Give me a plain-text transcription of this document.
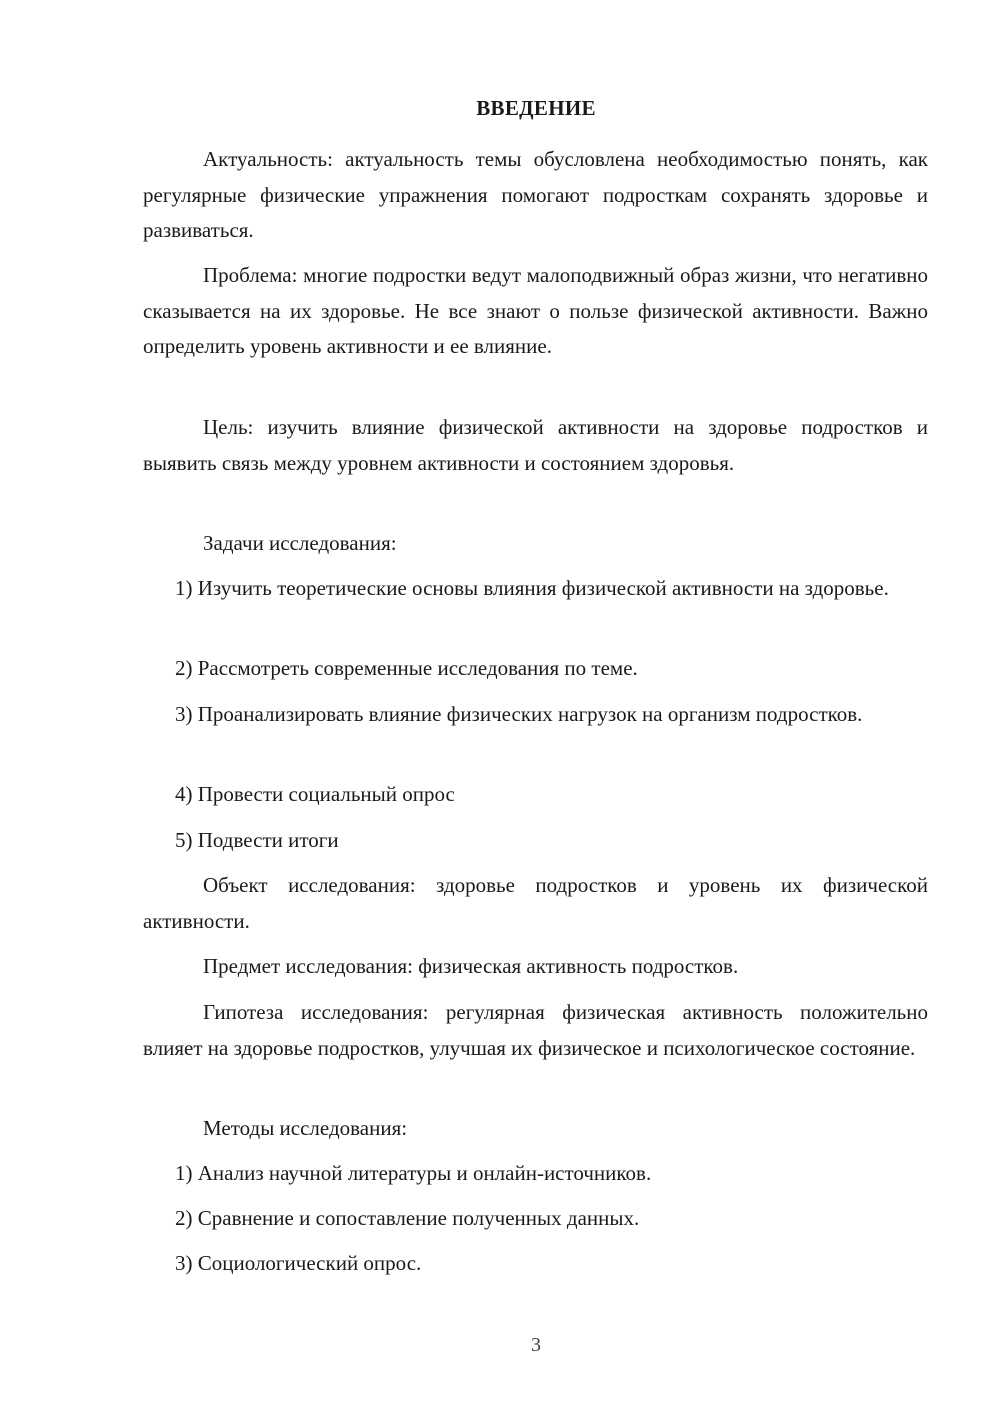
ВВЕДЕНИЕ
Актуальность: актуальность темы обусловлена необходимостью понять, как регулярные физические упражнения помогают подросткам сохранять здоровье и развиваться.
Проблема: многие подростки ведут малоподвижный образ жизни, что негативно сказывается на их здоровье. Не все знают о пользе физической активности. Важно определить уровень активности и ее влияние.
Цель: изучить влияние физической активности на здоровье подростков и выявить связь между уровнем активности и состоянием здоровья.
Задачи исследования:
1) Изучить теоретические основы влияния физической активности на здоровье.
2) Рассмотреть современные исследования по теме.
3) Проанализировать влияние физических нагрузок на организм подростков.
4) Провести социальный опрос
5) Подвести итоги
Объект исследования: здоровье подростков и уровень их физической активности.
Предмет исследования: физическая активность подростков.
Гипотеза исследования: регулярная физическая активность положительно влияет на здоровье подростков, улучшая их физическое и психологическое состояние.
Методы исследования:
1) Анализ научной литературы и онлайн-источников.
2) Сравнение и сопоставление полученных данных.
3) Социологический опрос.
3
